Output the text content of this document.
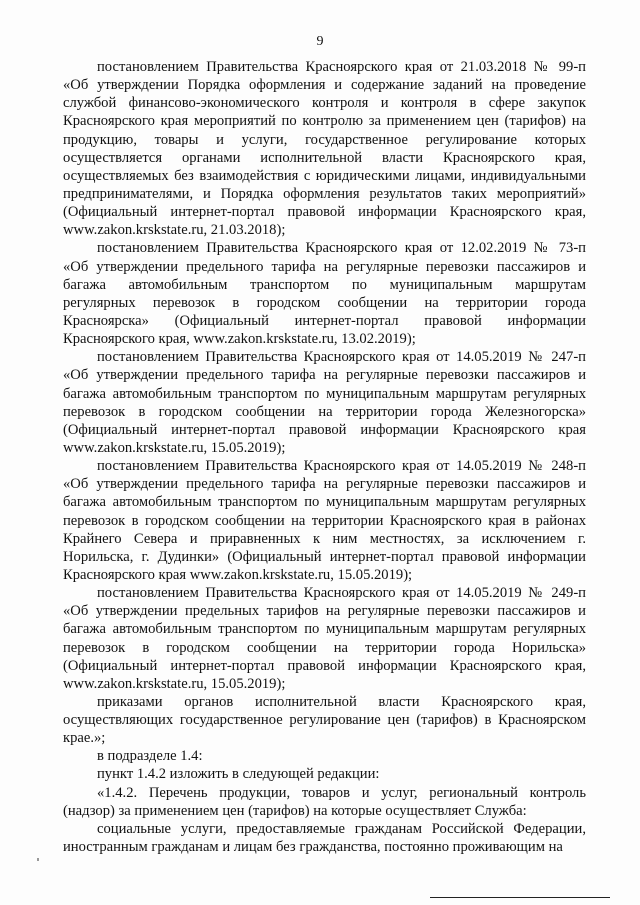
9
постановлением Правительства Красноярского края от 21.03.2018 № 99-п
«Об утверждении Порядка оформления и содержание заданий на проведение
службой финансово-экономического контроля и контроля в сфере закупок
Красноярского края мероприятий по контролю за применением цен (тарифов) на
продукцию, товары и услуги, государственное регулирование которых
осуществляется органами исполнительной власти Красноярского края,
осуществляемых без взаимодействия с юридическими лицами, индивидуальными
предпринимателями, и Порядка оформления результатов таких мероприятий»
(Официальный интернет-портал правовой информации Красноярского края,
www.zakon.krskstate.ru, 21.03.2018);
постановлением Правительства Красноярского края от 12.02.2019 № 73-п
«Об утверждении предельного тарифа на регулярные перевозки пассажиров и
багажа автомобильным транспортом по муниципальным маршрутам
регулярных перевозок в городском сообщении на территории города
Красноярска» (Официальный интернет-портал правовой информации
Красноярского края, www.zakon.krskstate.ru, 13.02.2019);
постановлением Правительства Красноярского края от 14.05.2019 № 247-п
«Об утверждении предельного тарифа на регулярные перевозки пассажиров и
багажа автомобильным транспортом по муниципальным маршрутам регулярных
перевозок в городском сообщении на территории города Железногорска»
(Официальный интернет-портал правовой информации Красноярского края
www.zakon.krskstate.ru, 15.05.2019);
постановлением Правительства Красноярского края от 14.05.2019 № 248-п
«Об утверждении предельного тарифа на регулярные перевозки пассажиров и
багажа автомобильным транспортом по муниципальным маршрутам регулярных
перевозок в городском сообщении на территории Красноярского края в районах
Крайнего Севера и приравненных к ним местностях, за исключением г.
Норильска, г. Дудинки» (Официальный интернет-портал правовой информации
Красноярского края www.zakon.krskstate.ru, 15.05.2019);
постановлением Правительства Красноярского края от 14.05.2019 № 249-п
«Об утверждении предельных тарифов на регулярные перевозки пассажиров и
багажа автомобильным транспортом по муниципальным маршрутам регулярных
перевозок в городском сообщении на территории города Норильска»
(Официальный интернет-портал правовой информации Красноярского края,
www.zakon.krskstate.ru, 15.05.2019);
приказами органов исполнительной власти Красноярского края,
осуществляющих государственное регулирование цен (тарифов) в Красноярском
крае.»;
в подразделе 1.4:
пункт 1.4.2 изложить в следующей редакции:
«1.4.2. Перечень продукции, товаров и услуг, региональный контроль
(надзор) за применением цен (тарифов) на которые осуществляет Служба:
социальные услуги, предоставляемые гражданам Российской Федерации,
иностранным гражданам и лицам без гражданства, постоянно проживающим на
